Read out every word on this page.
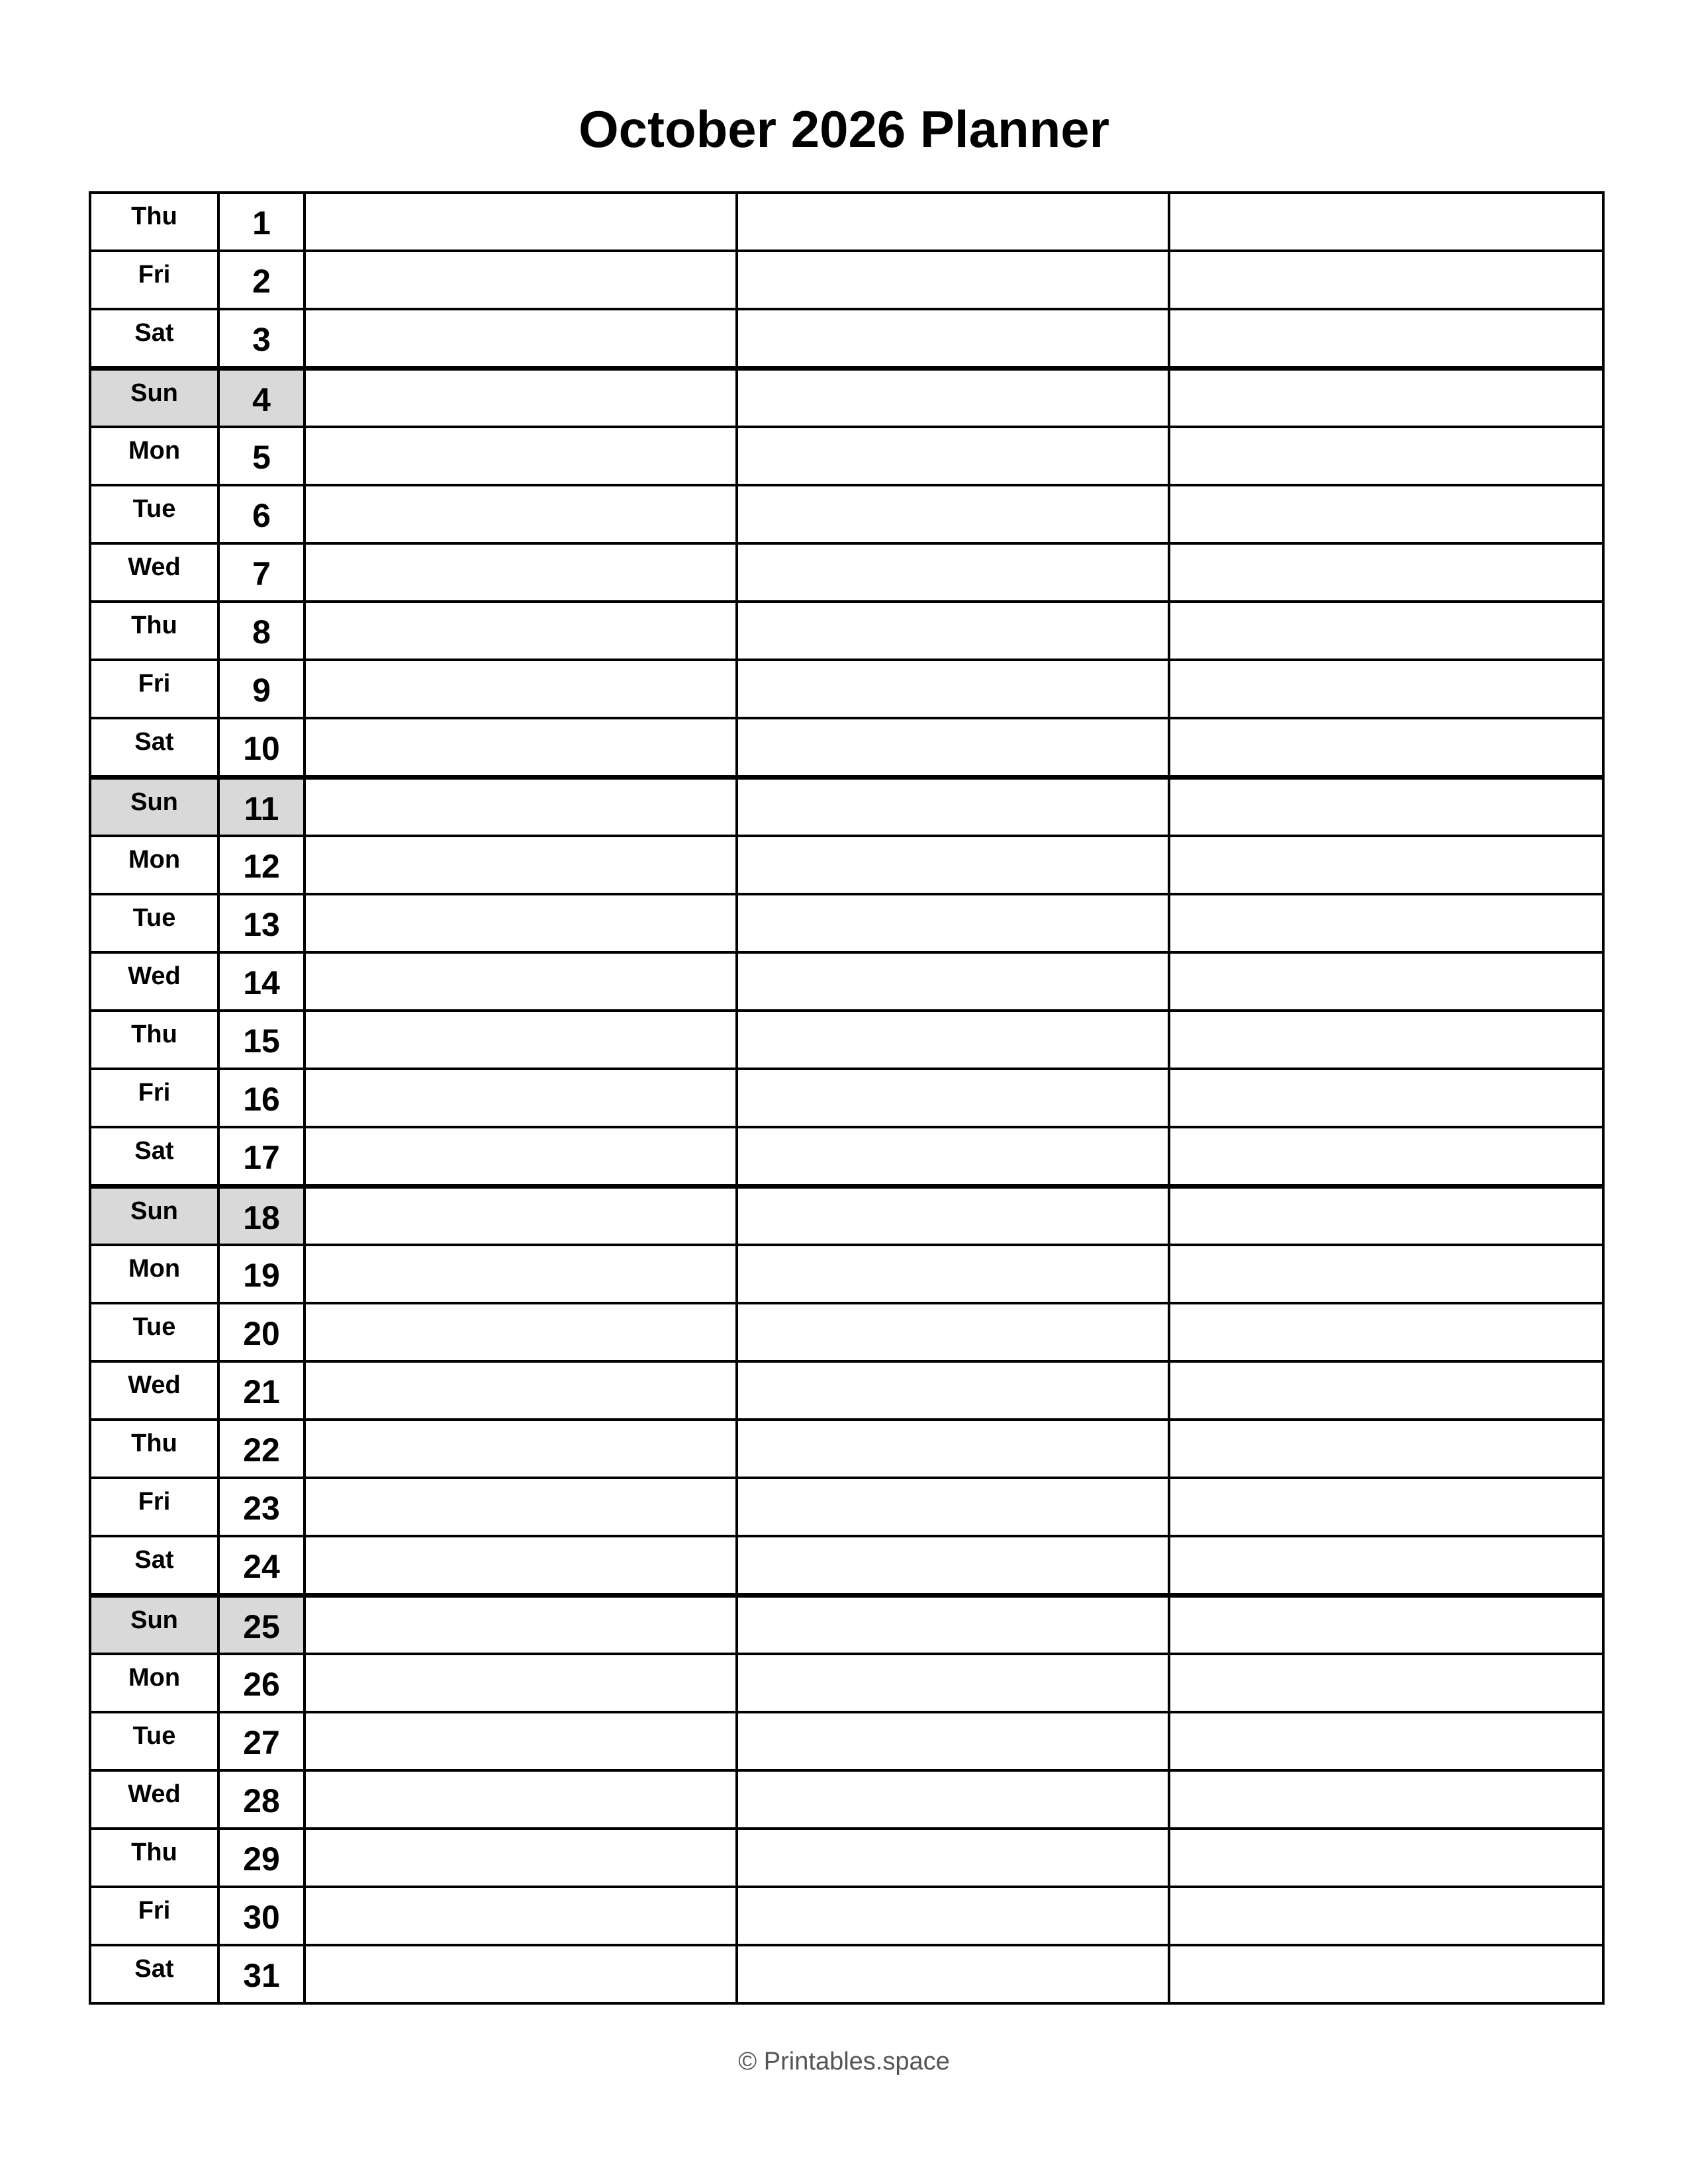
October 2026 Planner
Thu	1
Fri	2
Sat	3
Sun	4
Mon	5
Tue	6
Wed	7
Thu	8
Fri	9
Sat	10
Sun	11
Mon	12
Tue	13
Wed	14
Thu	15
Fri	16
Sat	17
Sun	18
Mon	19
Tue	20
Wed	21
Thu	22
Fri	23
Sat	24
Sun	25
Mon	26
Tue	27
Wed	28
Thu	29
Fri	30
Sat	31
© Printables.space
